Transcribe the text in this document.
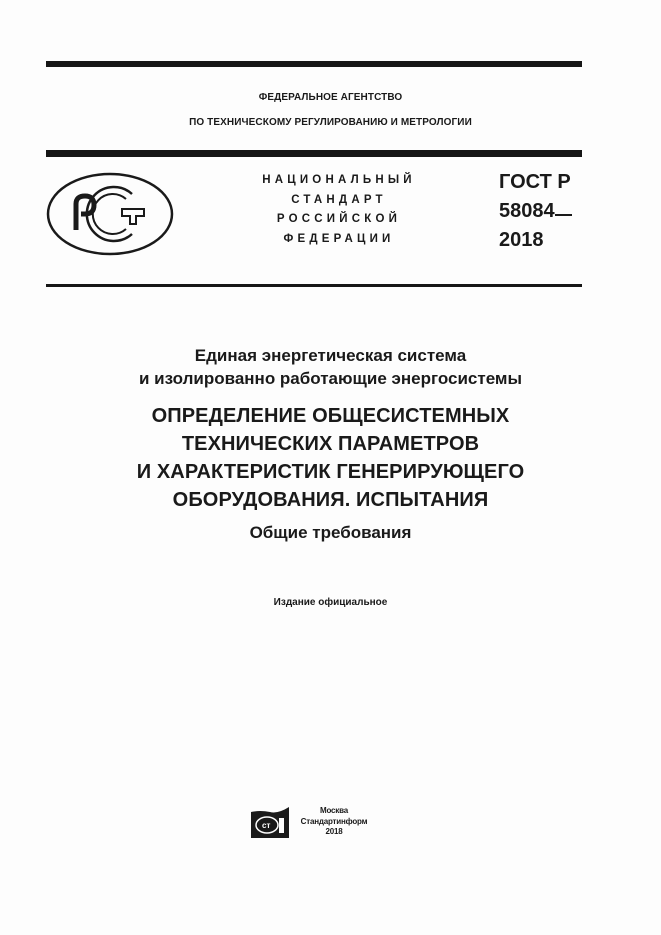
ФЕДЕРАЛЬНОЕ АГЕНТСТВО
ПО ТЕХНИЧЕСКОМУ РЕГУЛИРОВАНИЮ И МЕТРОЛОГИИ
НАЦИОНАЛЬНЫЙ
СТАНДАРТ
РОССИЙСКОЙ
ФЕДЕРАЦИИ
ГОСТ Р
58084
2018
Единая энергетическая система
и изолированно работающие энергосистемы
ОПРЕДЕЛЕНИЕ ОБЩЕСИСТЕМНЫХ
ТЕХНИЧЕСКИХ ПАРАМЕТРОВ
И ХАРАКТЕРИСТИК ГЕНЕРИРУЮЩЕГО
ОБОРУДОВАНИЯ. ИСПЫТАНИЯ
Общие требования
Издание официальное
ст
Москва
Стандартинформ
2018
